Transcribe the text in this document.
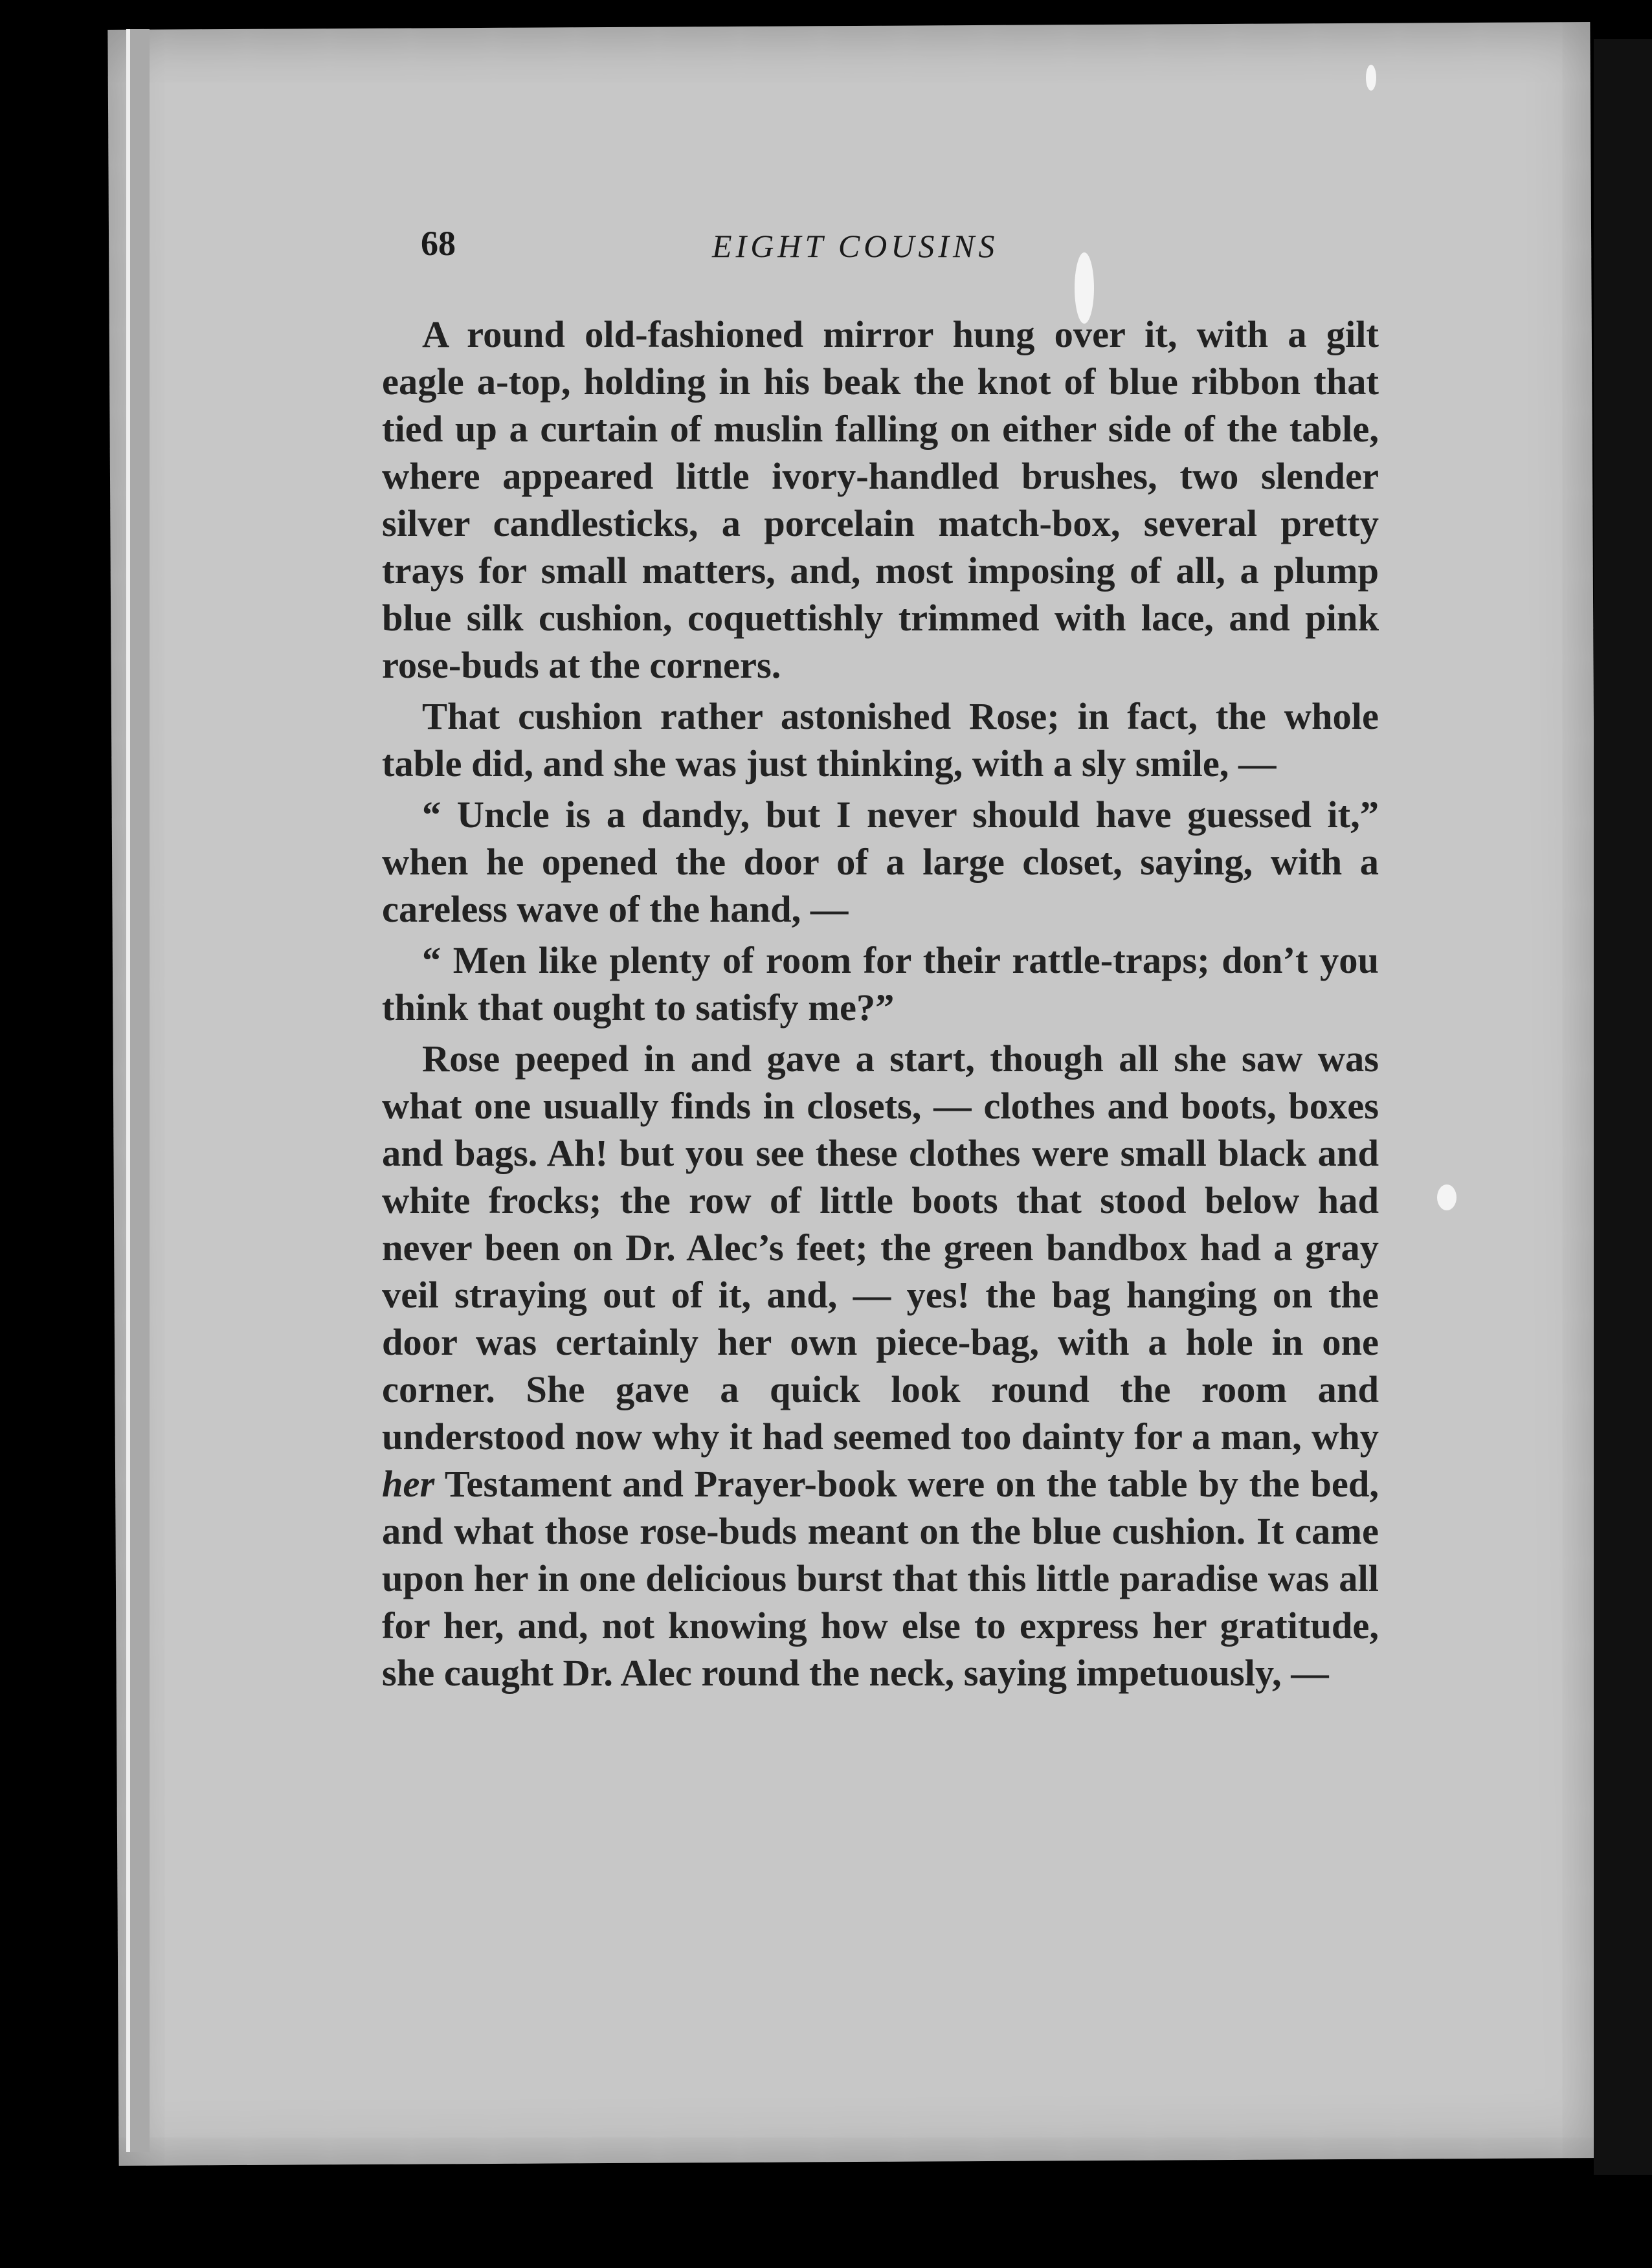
68	EIGHT COUSINS

A round old-fashioned mirror hung over it, with a gilt eagle a-top, holding in his beak the knot of blue ribbon that tied up a curtain of muslin falling on either side of the table, where appeared little ivory-handled brushes, two slender silver candlesticks, a porcelain match-box, several pretty trays for small matters, and, most imposing of all, a plump blue silk cushion, coquettishly trimmed with lace, and pink rose-buds at the corners.

That cushion rather astonished Rose; in fact, the whole table did, and she was just thinking, with a sly smile, —

“ Uncle is a dandy, but I never should have guessed it,” when he opened the door of a large closet, saying, with a careless wave of the hand, —

“ Men like plenty of room for their rattle-traps; don’t you think that ought to satisfy me?”

Rose peeped in and gave a start, though all she saw was what one usually finds in closets, — clothes and boots, boxes and bags. Ah! but you see these clothes were small black and white frocks; the row of little boots that stood below had never been on Dr. Alec’s feet; the green bandbox had a gray veil straying out of it, and, — yes! the bag hanging on the door was certainly her own piece-bag, with a hole in one corner. She gave a quick look round the room and understood now why it had seemed too dainty for a man, why her Testament and Prayer-book were on the table by the bed, and what those rose-buds meant on the blue cushion. It came upon her in one delicious burst that this little paradise was all for her, and, not knowing how else to express her gratitude, she caught Dr. Alec round the neck, saying impetuously, —
